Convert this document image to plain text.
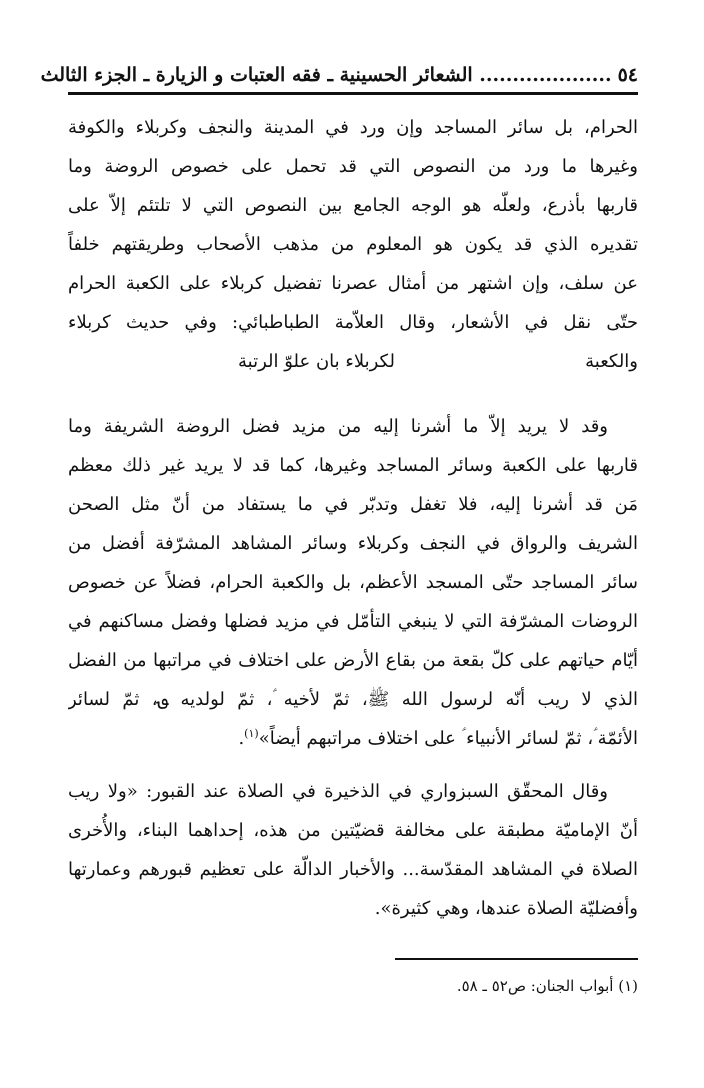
٥٤
.................... الشعائر الحسينية ـ فقه العتبات و الزيارة ـ الجزء الثالث
الحرام، بل سائر المساجد وإن ورد في المدينة والنجف وكربلاء والكوفة
وغيرها ما ورد من النصوص التي قد تحمل على خصوص الروضة وما
قاربها بأذرع، ولعلّه هو الوجه الجامع بين النصوص التي لا تلتئم إلاّ على
تقديره الذي قد يكون هو المعلوم من مذهب الأصحاب وطريقتهم خلفاً
عن سلف، وإن اشتهر من أمثال عصرنا تفضيل كربلاء على الكعبة الحرام
حتّى نقل في الأشعار، وقال العلاّمة الطباطبائي: وفي حديث كربلاء
والكعبة
لكربلاء بان علوّ الرتبة
وقد لا يريد إلاّ ما أشرنا إليه من مزيد فضل الروضة الشريفة وما
قاربها على الكعبة وسائر المساجد وغيرها، كما قد لا يريد غير ذلك معظم
مَن قد أشرنا إليه، فلا تغفل وتدبّر في ما يستفاد من أنّ مثل الصحن
الشريف والرواق في النجف وكربلاء وسائر المشاهد المشرّفة أفضل من
سائر المساجد حتّى المسجد الأعظم، بل والكعبة الحرام، فضلاً عن خصوص
الروضات المشرّفة التي لا ينبغي التأمّل في مزيد فضلها وفضل مساكنهم في
أيّام حياتهم على كلّ بقعة من بقاع الأرض على اختلاف في مراتبها من الفضل
الذي لا ريب أنّه لرسول الله ﷺ، ثمّ لأخيه ؑ، ثمّ لولديه ؈، ثمّ لسائر
الأئمّة ؑ، ثمّ لسائر الأنبياء ؑ على اختلاف مراتبهم أيضاً»$^{(١)}$.
وقال المحقّق السبزواري في الذخيرة في الصلاة عند القبور: «ولا ريب
أنّ الإماميّة مطبقة على مخالفة قضيّتين من هذه، إحداهما البناء، والأُخرى
الصلاة في المشاهد المقدّسة... والأخبار الدالّة على تعظيم قبورهم وعمارتها
وأفضليّة الصلاة عندها، وهي كثيرة».
(١) أبواب الجنان: ص٥٢ ـ ٥٨.
